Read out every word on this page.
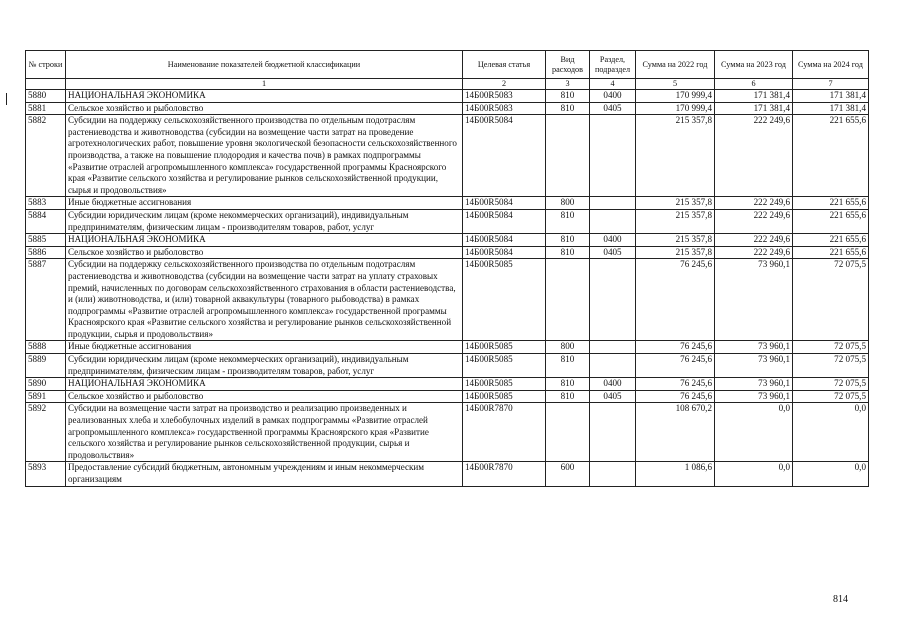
№ строки	Наименование показателей бюджетной классификации	Целевая статья	Вид расходов	Раздел, подраздел	Сумма на 2022 год	Сумма на 2023 год	Сумма на 2024 год
	1	2	3	4	5	6	7
5880	НАЦИОНАЛЬНАЯ ЭКОНОМИКА	14Б00R5083	810	0400	170 999,4	171 381,4	171 381,4
5881	Сельское хозяйство и рыболовство	14Б00R5083	810	0405	170 999,4	171 381,4	171 381,4
5882	Субсидии на поддержку сельскохозяйственного производства по отдельным подотраслям растениеводства и животноводства (субсидии на возмещение части затрат на проведение агротехнологических работ, повышение уровня экологической безопасности сельскохозяйственного производства, а также на повышение плодородия и качества почв) в рамках подпрограммы «Развитие отраслей агропромышленного комплекса» государственной программы Красноярского края «Развитие сельского хозяйства и регулирование рынков сельскохозяйственной продукции, сырья и продовольствия»	14Б00R5084			215 357,8	222 249,6	221 655,6
5883	Иные бюджетные ассигнования	14Б00R5084	800		215 357,8	222 249,6	221 655,6
5884	Субсидии юридическим лицам (кроме некоммерческих организаций), индивидуальным предпринимателям, физическим лицам - производителям товаров, работ, услуг	14Б00R5084	810		215 357,8	222 249,6	221 655,6
5885	НАЦИОНАЛЬНАЯ ЭКОНОМИКА	14Б00R5084	810	0400	215 357,8	222 249,6	221 655,6
5886	Сельское хозяйство и рыболовство	14Б00R5084	810	0405	215 357,8	222 249,6	221 655,6
5887	Субсидии на поддержку сельскохозяйственного производства по отдельным подотраслям растениеводства и животноводства (субсидии на возмещение части затрат на уплату страховых премий, начисленных по договорам сельскохозяйственного страхования в области растениеводства, и (или) животноводства, и (или) товарной аквакультуры (товарного рыбоводства) в рамках подпрограммы «Развитие отраслей агропромышленного комплекса» государственной программы Красноярского края «Развитие сельского хозяйства и регулирование рынков сельскохозяйственной продукции, сырья и продовольствия»	14Б00R5085			76 245,6	73 960,1	72 075,5
5888	Иные бюджетные ассигнования	14Б00R5085	800		76 245,6	73 960,1	72 075,5
5889	Субсидии юридическим лицам (кроме некоммерческих организаций), индивидуальным предпринимателям, физическим лицам - производителям товаров, работ, услуг	14Б00R5085	810		76 245,6	73 960,1	72 075,5
5890	НАЦИОНАЛЬНАЯ ЭКОНОМИКА	14Б00R5085	810	0400	76 245,6	73 960,1	72 075,5
5891	Сельское хозяйство и рыболовство	14Б00R5085	810	0405	76 245,6	73 960,1	72 075,5
5892	Субсидии на возмещение части затрат на производство и реализацию произведенных и реализованных хлеба и хлебобулочных изделий в рамках подпрограммы «Развитие отраслей агропромышленного комплекса» государственной программы Красноярского края «Развитие сельского хозяйства и регулирование рынков сельскохозяйственной продукции, сырья и продовольствия»	14Б00R7870			108 670,2	0,0	0,0
5893	Предоставление субсидий бюджетным, автономным учреждениям и иным некоммерческим организациям	14Б00R7870	600		1 086,6	0,0	0,0
814
